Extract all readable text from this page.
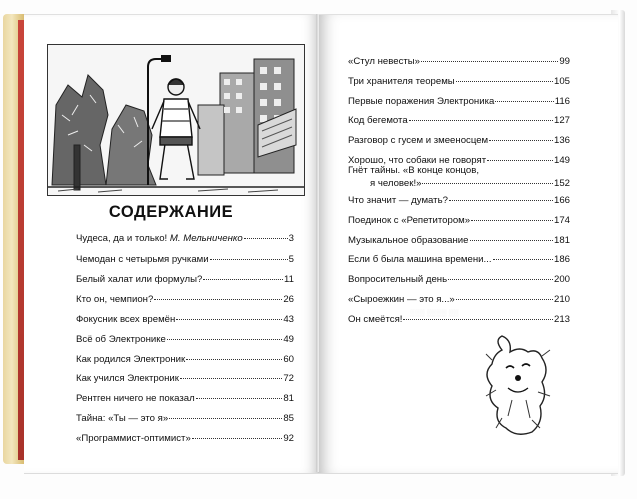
СОДЕРЖАНИЕ
Чудеса, да и только! М. Мельниченко	3
Чемодан с четырьмя ручками	5
Белый халат или формулы?	11
Кто он, чемпион?	26
Фокусник всех времён	43
Всё об Электронике	49
Как родился Электроник	60
Как учился Электроник	72
Рентген ничего не показал	81
Тайна: «Ты — это я»	85
«Программист-оптимист»	92
«Стул невесты»	99
Три хранителя теоремы	105
Первые поражения Электроника	116
Код бегемота	127
Разговор с гусем и змееносцем	136
Хорошо, что собаки не говорят	149
Гнёт тайны. «В конце концов,
я человек!»	152
Что значит — думать?	166
Поединок с «Репетитором»	174
Музыкальное образование	181
Если б была машина времени...	186
Вопросительный день	200
«Сыроежкин — это я...»	210
Он смеётся!	213
▒▒▒ ▒▒▒▒ ▒▒
